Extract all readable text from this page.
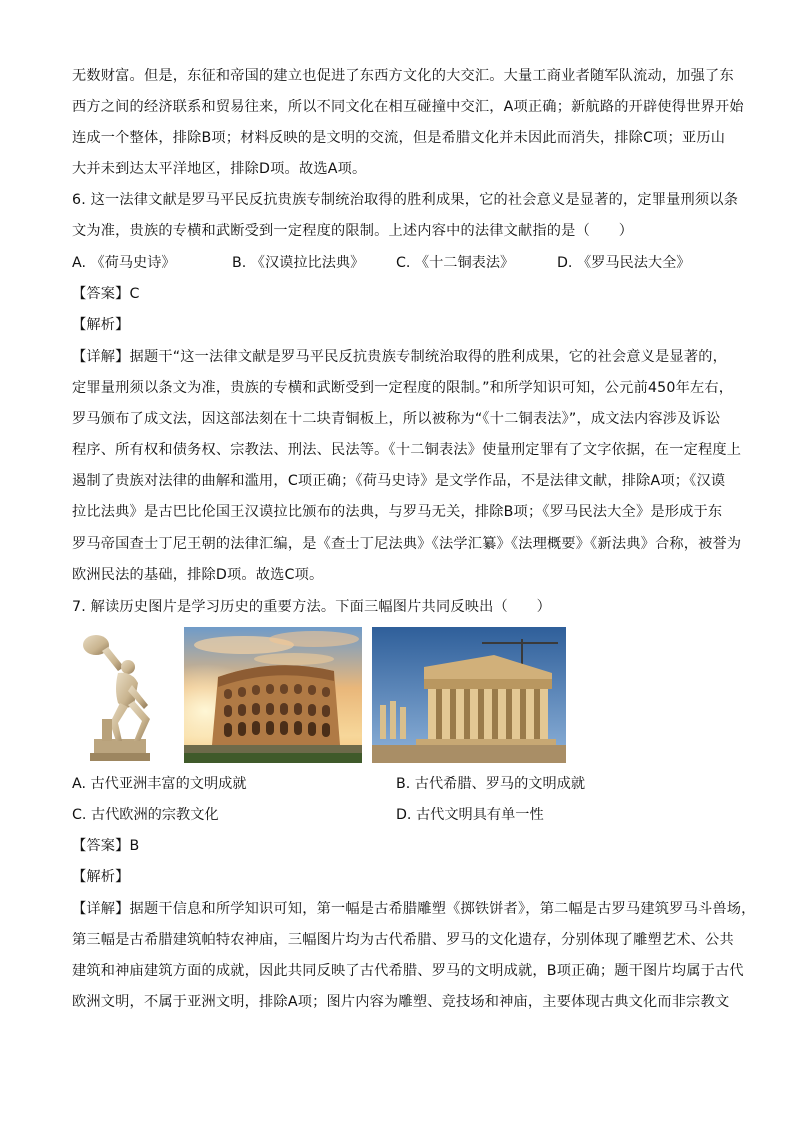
无数财富。但是，东征和帝国的建立也促进了东西方文化的大交汇。大量工商业者随军队流动，加强了东
西方之间的经济联系和贸易往来，所以不同文化在相互碰撞中交汇，A项正确；新航路的开辟使得世界开始
连成一个整体，排除B项；材料反映的是文明的交流，但是希腊文化并未因此而消失，排除C项；亚历山
大并未到达太平洋地区，排除D项。故选A项。
6. 这一法律文献是罗马平民反抗贵族专制统治取得的胜利成果，它的社会意义是显著的，定罪量刑须以条
文为准，贵族的专横和武断受到一定程度的限制。上述内容中的法律文献指的是（　　）
A. 《荷马史诗》	B. 《汉谟拉比法典》 C. 《十二铜表法》	D. 《罗马民法大全》
【答案】C
【解析】
【详解】据题干“这一法律文献是罗马平民反抗贵族专制统治取得的胜利成果，它的社会意义是显著的，
定罪量刑须以条文为准，贵族的专横和武断受到一定程度的限制。”和所学知识可知，公元前450年左右，
罗马颁布了成文法，因这部法刻在十二块青铜板上，所以被称为“《十二铜表法》”，成文法内容涉及诉讼
程序、所有权和债务权、宗教法、刑法、民法等。《十二铜表法》使量刑定罪有了文字依据，在一定程度上
遏制了贵族对法律的曲解和滥用，C项正确；《荷马史诗》是文学作品，不是法律文献，排除A项；《汉谟
拉比法典》是古巴比伦国王汉谟拉比颁布的法典，与罗马无关，排除B项；《罗马民法大全》是形成于东
罗马帝国查士丁尼王朝的法律汇编，是《查士丁尼法典》《法学汇纂》《法理概要》《新法典》合称，被誉为
欧洲民法的基础，排除D项。故选C项。
7. 解读历史图片是学习历史的重要方法。下面三幅图片共同反映出（　　）
A. 古代亚洲丰富的文明成就	B. 古代希腊、罗马的文明成就
C. 古代欧洲的宗教文化	D. 古代文明具有单一性
【答案】B
【解析】
【详解】据题干信息和所学知识可知，第一幅是古希腊雕塑《掷铁饼者》，第二幅是古罗马建筑罗马斗兽场，
第三幅是古希腊建筑帕特农神庙，三幅图片均为古代希腊、罗马的文化遗存，分别体现了雕塑艺术、公共
建筑和神庙建筑方面的成就，因此共同反映了古代希腊、罗马的文明成就，B项正确；题干图片均属于古代
欧洲文明，不属于亚洲文明，排除A项；图片内容为雕塑、竞技场和神庙，主要体现古典文化而非宗教文
